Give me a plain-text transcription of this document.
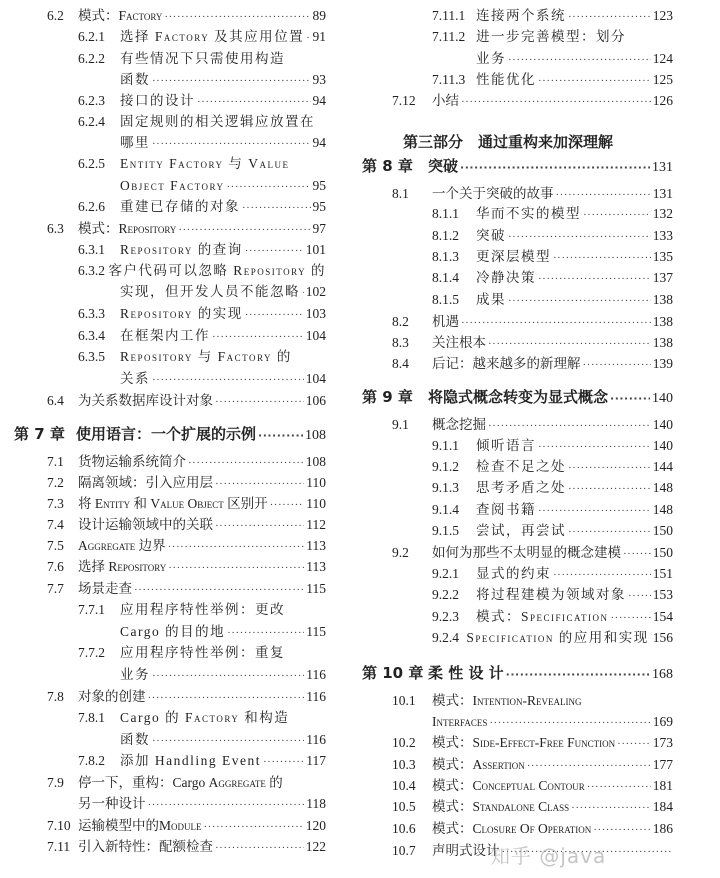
6.2	模式：Factory ·····	89
6.2.1	选择 Factory 及其应用位置 ····· 91
6.2.2	有些情况下只需使用构造
函数 ·····	93
6.2.3	接口的设计 ·····	94
6.2.4	固定规则的相关逻辑应放置在
哪里 ·····	94
6.2.5	Entity Factory 与 Value
Object Factory ·····	95
6.2.6	重建已存储的对象 ·····	95
6.3	模式：Repository ·····	97
6.3.1	Repository 的查询 ·····	101
6.3.2 客户代码可以忽略 Repository 的
实现，但开发人员不能忽略 ····· 102
6.3.3	Repository 的实现 ·····	103
6.3.4	在框架内工作 ·····	104
6.3.5	Repository 与 Factory 的
关系 ·····	104
6.4	为关系数据库设计对象 ·····	106
第 7 章 使用语言：一个扩展的示例 ·····	108
7.1	货物运输系统简介 ·····	108
7.2	隔离领域：引入应用层 ·····	110
7.3	将 Entity 和 Value Object 区别开 ·····	110
7.4	设计运输领域中的关联 ·····	112
7.5	Aggregate 边界 ·····	113
7.6	选择 Repository ·····	113
7.7	场景走查 ·····	115
7.7.1	应用程序特性举例：更改
Cargo 的目的地 ·····	115
7.7.2	应用程序特性举例：重复
业务 ·····	116
7.8	对象的创建 ·····	116
7.8.1	Cargo 的 Factory 和构造
函数 ·····	116
7.8.2	添加 Handling Event ·····	117
7.9	停一下，重构：Cargo Aggregate 的
另一种设计 ·····	118
7.10 运输模型中的Module ·····	120
7.11 引入新特性：配额检查 ·····	122
7.11.1 连接两个系统 ·····	123
7.11.2 进一步完善模型：划分
业务 ·····	124
7.11.3 性能优化 ·····	125
7.12	小结 ·····	126
第三部分　通过重构来加深理解
第 8 章	突破 ·····	131
8.1	一个关于突破的故事 ·····	131
8.1.1	华而不实的模型 ·····	132
8.1.2	突破 ·····	133
8.1.3	更深层模型 ·····	135
8.1.4	冷静决策 ·····	137
8.1.5	成果 ·····	138
8.2	机遇 ·····	138
8.3	关注根本 ·····	138
8.4	后记：越来越多的新理解 ·····	139
第 9 章	将隐式概念转变为显式概念 ·····	140
9.1	概念挖掘 ·····	140
9.1.1	倾听语言 ·····	140
9.1.2	检查不足之处 ·····	144
9.1.3	思考矛盾之处 ·····	148
9.1.4	查阅书籍 ·····	148
9.1.5	尝试，再尝试 ·····	150
9.2	如何为那些不太明显的概念建模 ····· 150
9.2.1	显式的约束 ·····	151
9.2.2	将过程建模为领域对象 ····· 153
9.2.3	模式：Specification ·····	154
9.2.4 Specification 的应用和实现 156
第 10 章 柔 性 设 计 ·····	168
10.1	模式：Intention-Revealing
Interfaces ·····	169
10.2	模式：Side-Effect-Free Function ·····	173
10.3	模式：Assertion ·····	177
10.4	模式：Conceptual Contour ·····	181
10.5	模式：Standalone Class ·····	184
10.6	模式：Closure Of Operation ·····	186
10.7	声明式设计
·····
知乎 @java
